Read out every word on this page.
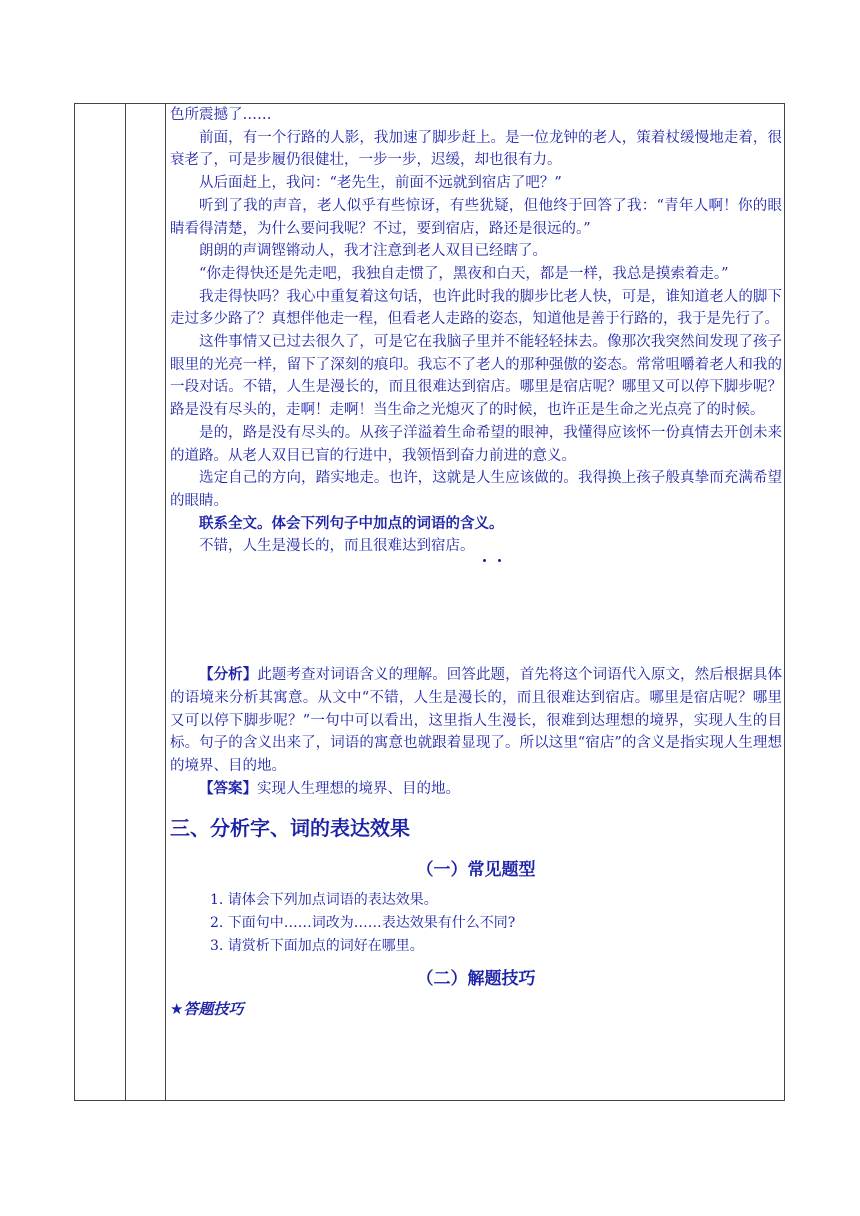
色所震撼了……

前面，有一个行路的人影，我加速了脚步赶上。是一位龙钟的老人，策着杖缓慢地走着，很衰老了，可是步履仍很健壮，一步一步，迟缓，却也很有力。

从后面赶上，我问：“老先生，前面不远就到宿店了吧？”

听到了我的声音，老人似乎有些惊讶，有些犹疑，但他终于回答了我：“青年人啊！你的眼睛看得清楚，为什么要问我呢？不过，要到宿店，路还是很远的。”

朗朗的声调铿锵动人，我才注意到老人双目已经瞎了。

“你走得快还是先走吧，我独自走惯了，黑夜和白天，都是一样，我总是摸索着走。”

我走得快吗？我心中重复着这句话，也许此时我的脚步比老人快，可是，谁知道老人的脚下走过多少路了？真想伴他走一程，但看老人走路的姿态，知道他是善于行路的，我于是先行了。

这件事情又已过去很久了，可是它在我脑子里并不能轻轻抹去。像那次我突然间发现了孩子眼里的光亮一样，留下了深刻的痕印。我忘不了老人的那种强傲的姿态。常常咀嚼着老人和我的一段对话。不错，人生是漫长的，而且很难达到宿店。哪里是宿店呢？哪里又可以停下脚步呢？路是没有尽头的，走啊！走啊！当生命之光熄灭了的时候，也许正是生命之光点亮了的时候。

是的，路是没有尽头的。从孩子洋溢着生命希望的眼神，我懂得应该怀一份真情去开创未来的道路。从老人双目已盲的行进中，我领悟到奋力前进的意义。

选定自己的方向，踏实地走。也许，这就是人生应该做的。我得换上孩子般真挚而充满希望的眼睛。

联系全文。体会下列句子中加点的词语的含义。

不错，人生是漫长的，而且很难达到宿店。

【分析】此题考查对词语含义的理解。回答此题，首先将这个词语代入原文，然后根据具体的语境来分析其寓意。从文中“不错，人生是漫长的，而且很难达到宿店。哪里是宿店呢？哪里又可以停下脚步呢？”一句中可以看出，这里指人生漫长，很难到达理想的境界，实现人生的目标。句子的含义出来了，词语的寓意也就跟着显现了。所以这里“宿店”的含义是指实现人生理想的境界、目的地。

【答案】实现人生理想的境界、目的地。

三、分析字、词的表达效果
（一）常见题型
1. 请体会下列加点词语的表达效果。
2. 下面句中……词改为……表达效果有什么不同?
3. 请赏析下面加点的词好在哪里。
（二）解题技巧
★答题技巧
